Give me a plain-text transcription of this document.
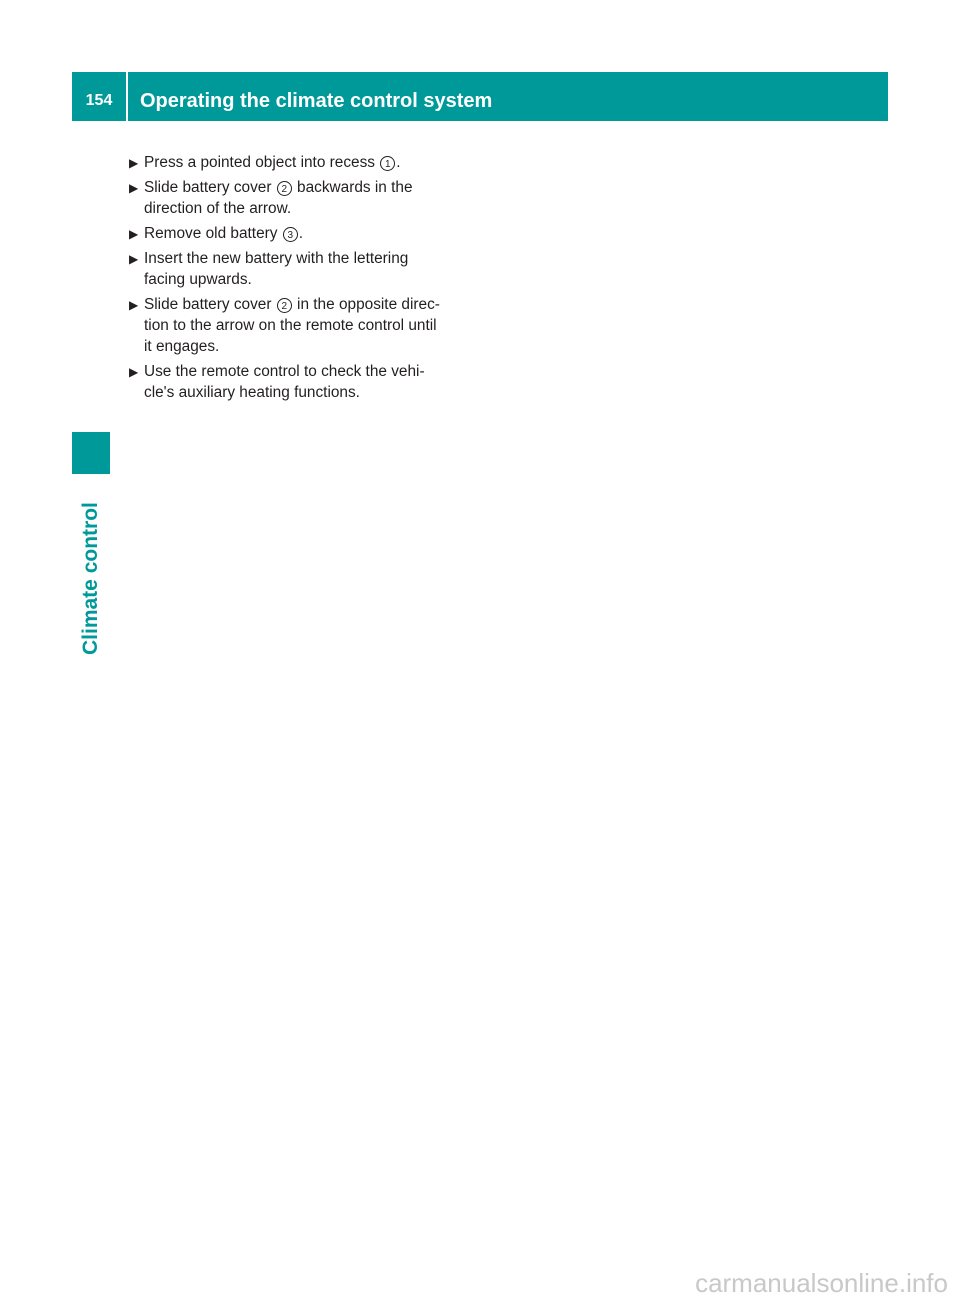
154	Operating the climate control system
Climate control
▶ Press a pointed object into recess 1 .
▶ Slide battery cover 2 backwards in the
direction of the arrow.
▶ Remove old battery 3 .
▶ Insert the new battery with the lettering
facing upwards.
▶ Slide battery cover 2 in the opposite direc-
tion to the arrow on the remote control until
it engages.
▶ Use the remote control to check the vehi-
cle's auxiliary heating functions.
carmanualsonline.info
